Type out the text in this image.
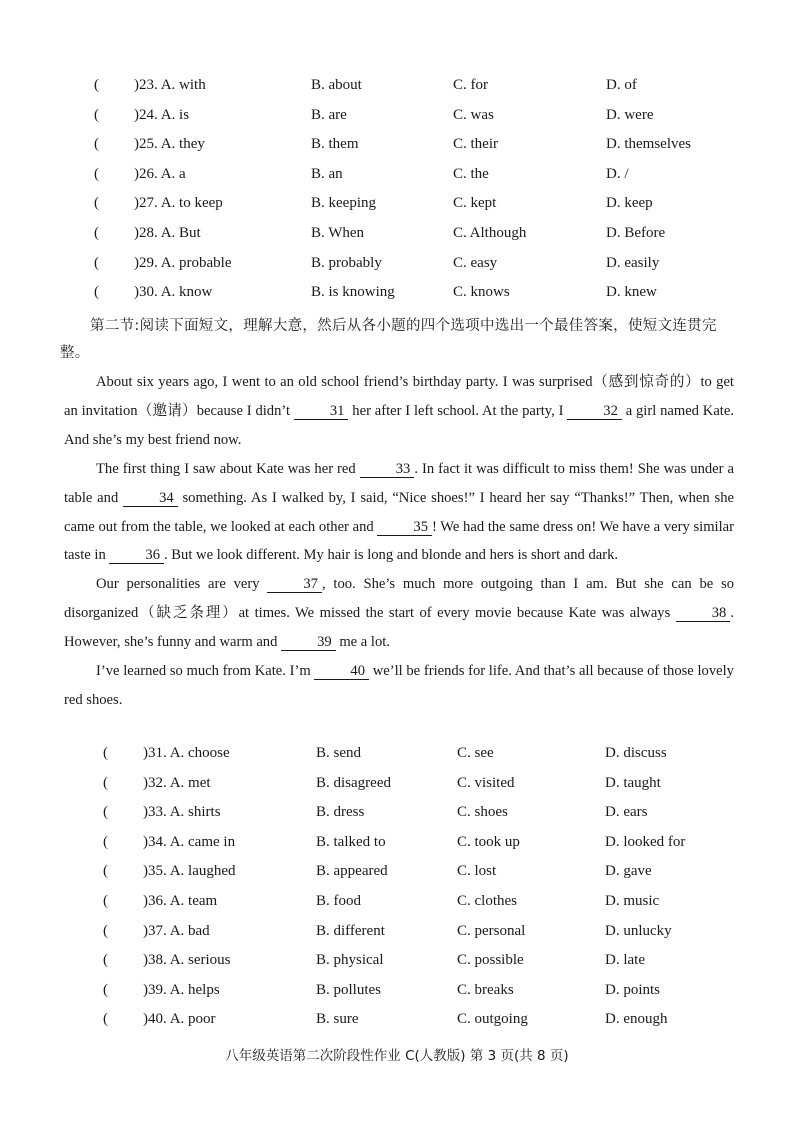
( )23. A. with	B. about	C. for	D. of
( )24. A. is	B. are	C. was	D. were
( )25. A. they	B. them	C. their	D. themselves
( )26. A. a	B. an	C. the	D. /
( )27. A. to keep	B. keeping	C. kept	D. keep
( )28. A. But	B. When	C. Although	D. Before
( )29. A. probable	B. probably	C. easy	D. easily
( )30. A. know	B. is knowing	C. knows	D. knew
第二节:阅读下面短文，理解大意，然后从各小题的四个选项中选出一个最佳答案，使短文连贯完整。

About six years ago, I went to an old school friend’s birthday party. I was surprised（感到惊奇的）to get an invitation（邀请）because I didn’t	31 her after I left school. At the party, I	32 a girl named Kate. And she’s my best friend now.

The first thing I saw about Kate was her red	33 . In fact it was difficult to miss them! She was under a table and	34 something. As I walked by, I said, “Nice shoes!” I heard her say “Thanks!” Then, when she came out from the table, we looked at each other and	35 ! We had the same dress on! We have a very similar taste in	36 . But we look different. My hair is long and blonde and hers is short and dark.

Our personalities are very	37 , too. She’s much more outgoing than I am. But she can be so disorganized（缺乏条理）at times. We missed the start of every movie because Kate was always	38 . However, she’s funny and warm and	39 me a lot.

I’ve learned so much from Kate. I’m	40 we’ll be friends for life. And that’s all because of those lovely red shoes.

( )31. A. choose	B. send	C. see	D. discuss
( )32. A. met	B. disagreed	C. visited	D. taught
( )33. A. shirts	B. dress	C. shoes	D. ears
( )34. A. came in	B. talked to	C. took up	D. looked for
( )35. A. laughed	B. appeared	C. lost	D. gave
( )36. A. team	B. food	C. clothes	D. music
( )37. A. bad	B. different	C. personal	D. unlucky
( )38. A. serious	B. physical	C. possible	D. late
( )39. A. helps	B. pollutes	C. breaks	D. points
( )40. A. poor	B. sure	C. outgoing	D. enough
八年级英语第二次阶段性作业 C(人教版) 第 3 页(共 8 页)
